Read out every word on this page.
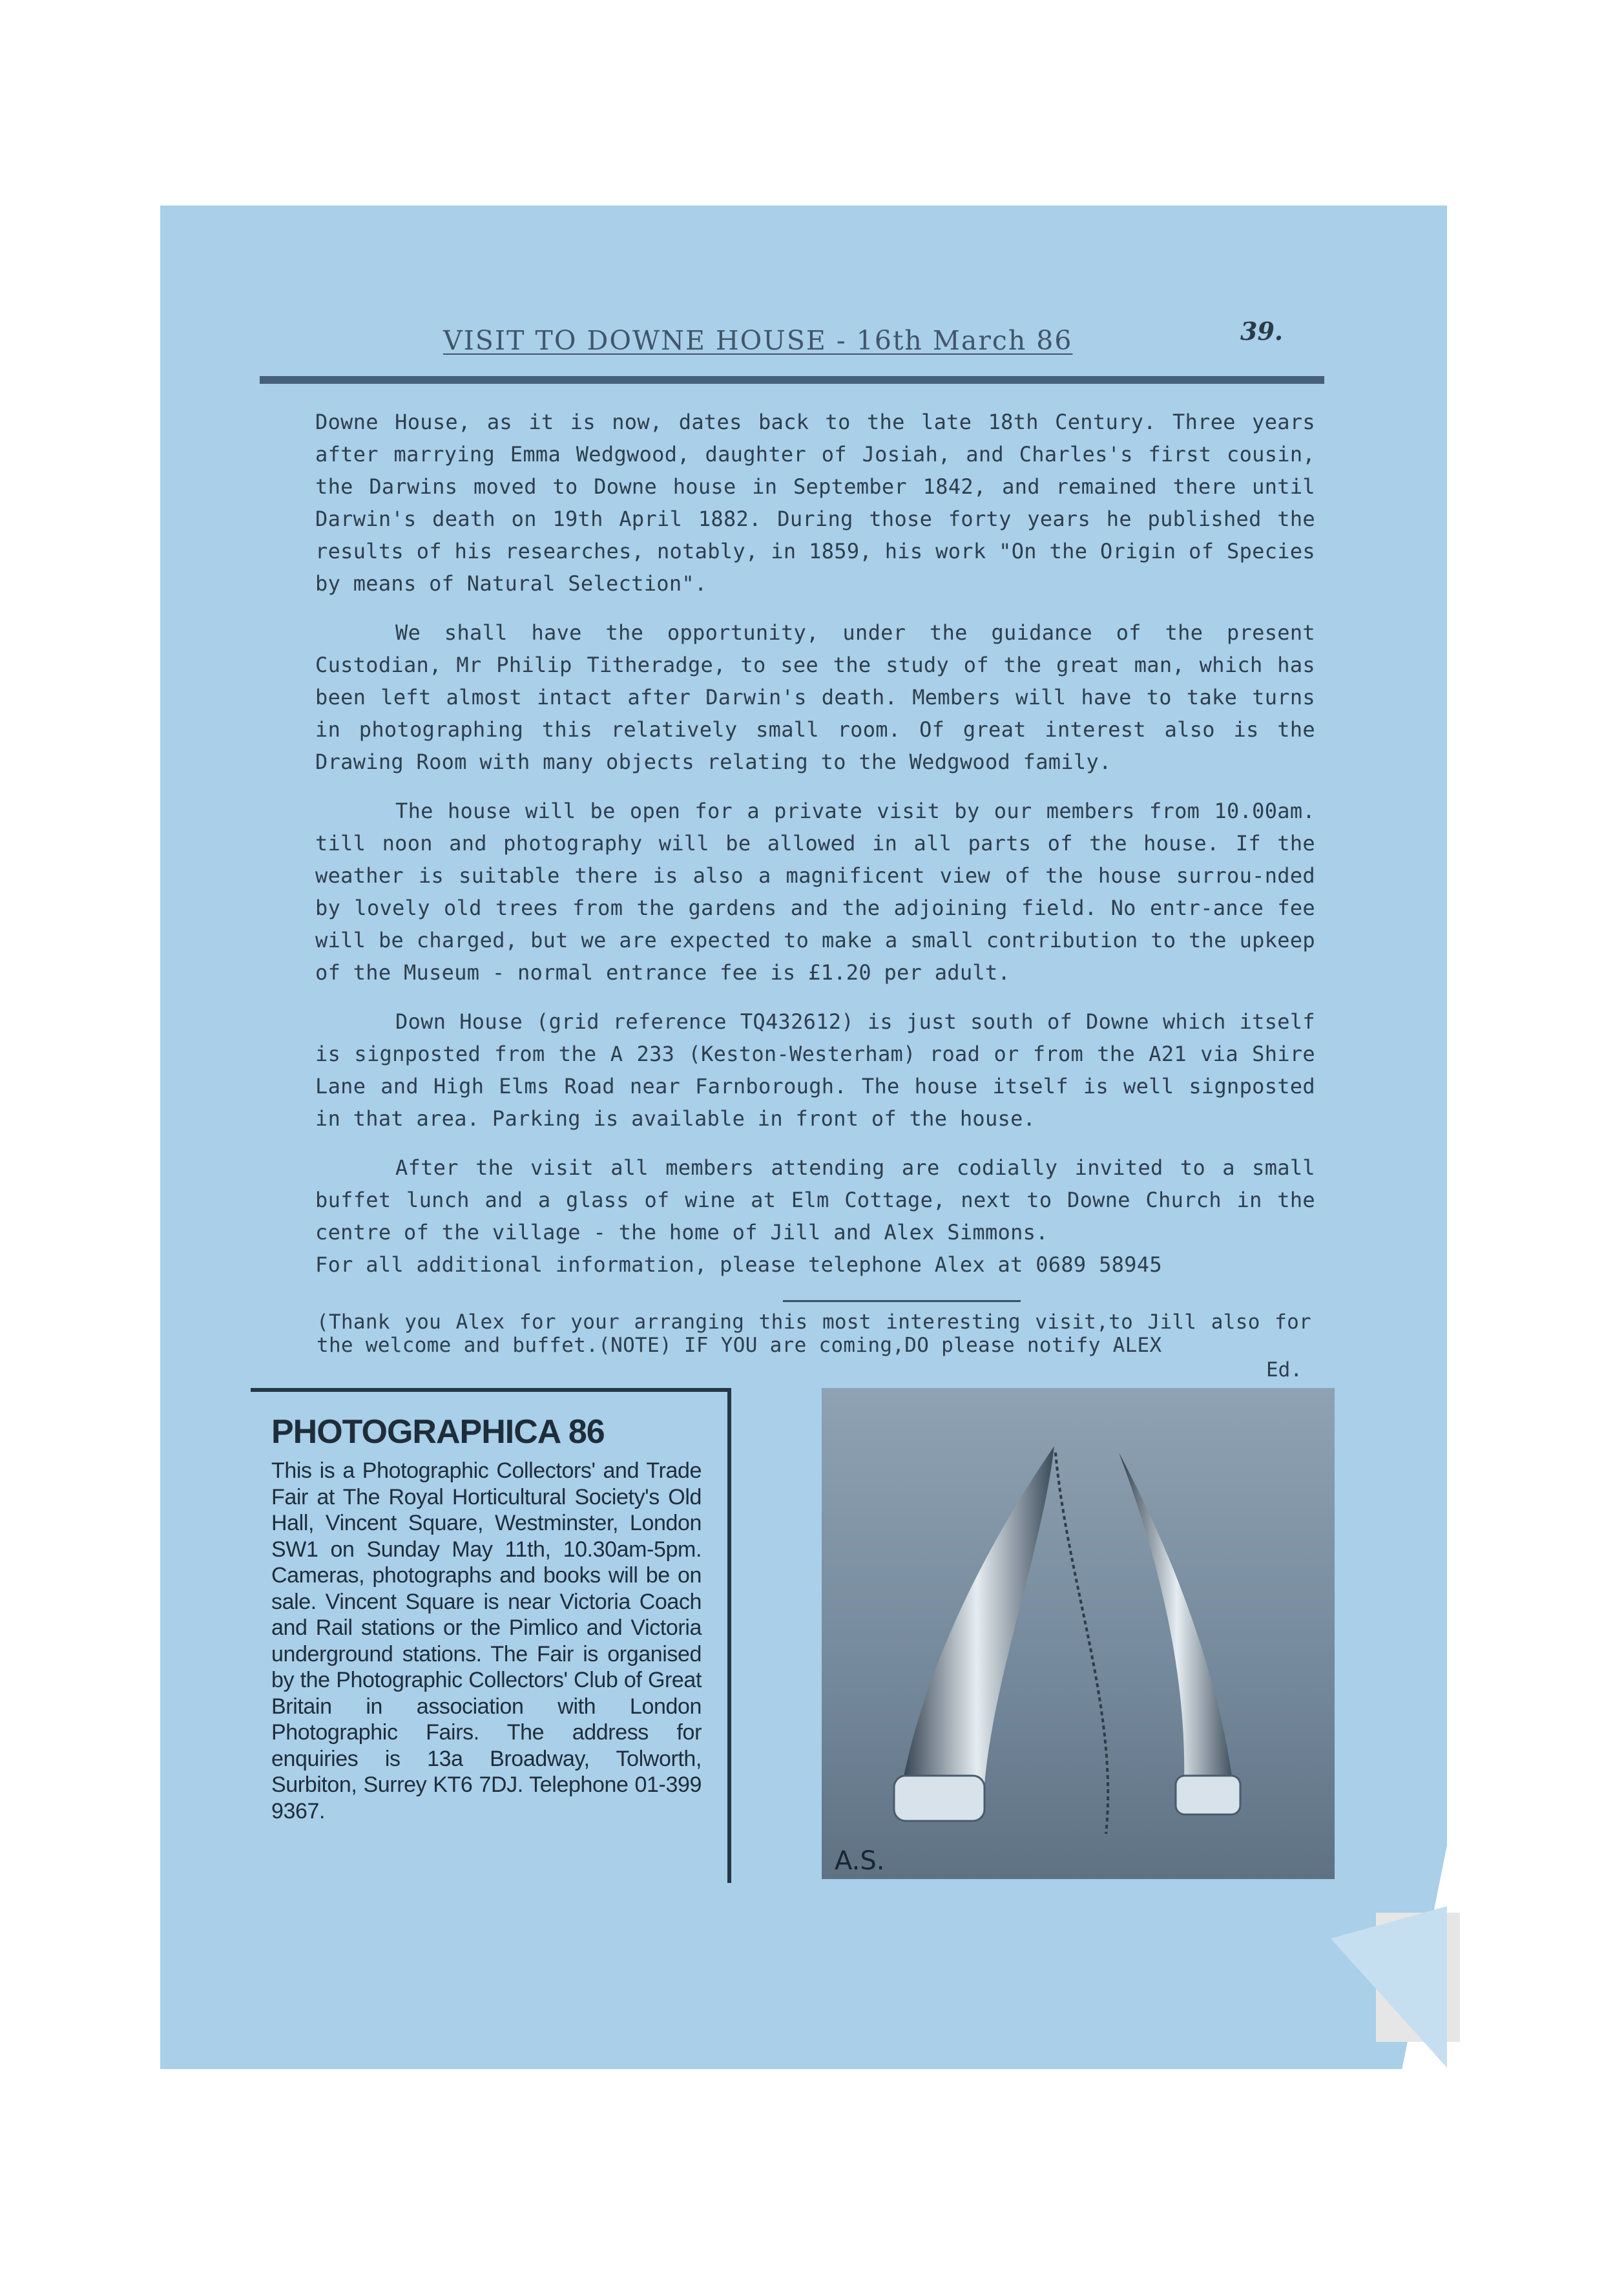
VISIT TO DOWNE HOUSE - 16th March 86	39.

Downe House, as it is now, dates back to the late 18th Century. Three years after marrying Emma Wedgwood, daughter of Josiah, and Charles's first cousin, the Darwins moved to Downe house in September 1842, and remained there until Darwin's death on 19th April 1882. During those forty years he published the results of his researches, notably, in 1859, his work "On the Origin of Species by means of Natural Selection".

We shall have the opportunity, under the guidance of the present Custodian, Mr Philip Titheradge, to see the study of the great man, which has been left almost intact after Darwin's death. Members will have to take turns in photographing this relatively small room. Of great interest also is the Drawing Room with many objects relating to the Wedgwood family.

The house will be open for a private visit by our members from 10.00am. till noon and photography will be allowed in all parts of the house. If the weather is suitable there is also a magnificent view of the house surrou-nded by lovely old trees from the gardens and the adjoining field. No entr-ance fee will be charged, but we are expected to make a small contribution to the upkeep of the Museum - normal entrance fee is £1.20 per adult.

Down House (grid reference TQ432612) is just south of Downe which itself is signposted from the A 233 (Keston-Westerham) road or from the A21 via Shire Lane and High Elms Road near Farnborough. The house itself is well signposted in that area. Parking is available in front of the house.

After the visit all members attending are codially invited to a small buffet lunch and a glass of wine at Elm Cottage, next to Downe Church in the centre of the village - the home of Jill and Alex Simmons.

For all additional information, please telephone Alex at 0689 58945
(Thank you Alex for your arranging this most interesting visit,to Jill also for the welcome and buffet.(NOTE) IF YOU are coming,DO please notify ALEX
Ed.
PHOTOGRAPHICA 86
This is a Photographic Collectors' and Trade Fair at The Royal Horticultural Society's Old Hall, Vincent Square, Westminster, London SW1 on Sunday May 11th, 10.30am-5pm. Cameras, photographs and books will be on sale. Vincent Square is near Victoria Coach and Rail stations or the Pimlico and Victoria underground stations. The Fair is organised by the Photographic Collectors' Club of Great Britain in association with London Photographic Fairs. The address for enquiries is 13a Broadway, Tolworth, Surbiton, Surrey KT6 7DJ. Telephone 01-399 9367.
A.S.
